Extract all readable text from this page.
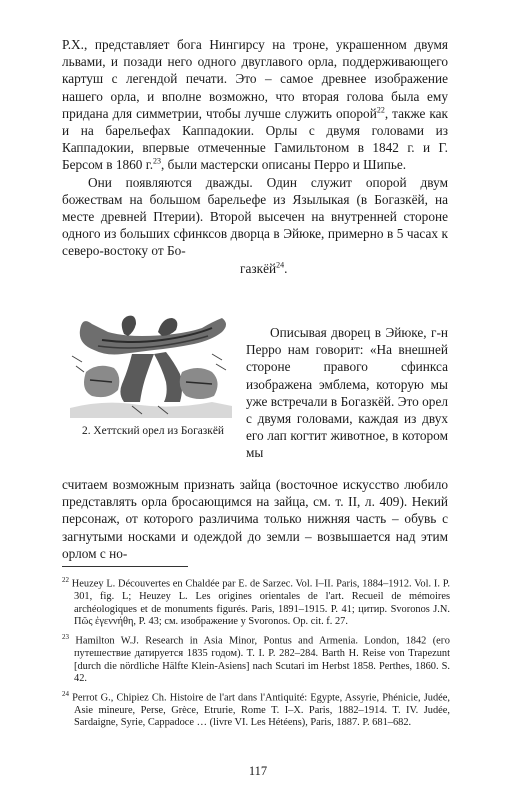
Р.Х., представляет бога Нингирсу на троне, украшенном двумя львами, и позади него одного двуглавого орла, поддерживающего картуш с легендой печати. Это – самое древнее изображение нашего орла, и вполне возможно, что вторая голова была ему придана для симметрии, чтобы лучше служить опорой$^{22}$, также как и на барельефах Каппадокии. Орлы с двумя головами из Каппадокии, впервые отмеченные Гамильтоном в 1842 г. и Г. Берсом в 1860 г.$^{23}$, были мастерски описаны Перро и Шипье.

Они появляются дважды. Один служит опорой двум божествам на большом барельефе из Язылыкая (в Богазкёй, на месте древней Птерии). Второй высечен на внутренней стороне одного из больших сфинксов дворца в Эйюке, примерно в 5 часах к северо-востоку от Бо-

газкёй$^{24}$.
2. Хеттский орел из Богазкёй

Описывая дворец в Эйюке, г-н Перро нам говорит: «На внешней стороне правого сфинкса изображена эмблема, которую мы уже встречали в Богазкёй. Это орел с двумя головами, каждая из двух его лап когтит животное, в котором мы

считаем возможным признать зайца (восточное искусство любило представлять орла бросающимся на зайца, см. т. II, л. 409). Некий персонаж, от которого различима только нижняя часть – обувь с загнутыми носками и одеждой до земли – возвышается над этим орлом с но-

$^{22}$ Heuzey L. Découvertes en Chaldée par E. de Sarzec. Vol. I–II. Paris, 1884–1912. Vol. I. P. 301, fig. L; Heuzey L. Les origines orientales de l'art. Recueil de mémoires archéologiques et de monuments figurés. Paris, 1891–1915. P. 41; цитир. Svoronos J.N. Πῶς ἐγεννήθη, P. 43; см. изображение у Svoronos. Op. cit. f. 27.

$^{23}$ Hamilton W.J. Research in Asia Minor, Pontus and Armenia. London, 1842 (его путешествие датируется 1835 годом). T. I. P. 282–284. Barth H. Reise von Trapezunt [durch die nördliche Hälfte Klein-Asiens] nach Scutari im Herbst 1858. Perthes, 1860. S. 42.

$^{24}$ Perrot G., Chipiez Ch. Histoire de l'art dans l'Antiquité: Egypte, Assyrie, Phénicie, Judée, Asie mineure, Perse, Grèce, Etrurie, Rome T. I–X. Paris, 1882–1914. T. IV. Judée, Sardaigne, Syrie, Cappadoce … (livre VI. Les Hétéens), Paris, 1887. P. 681–682.

117
